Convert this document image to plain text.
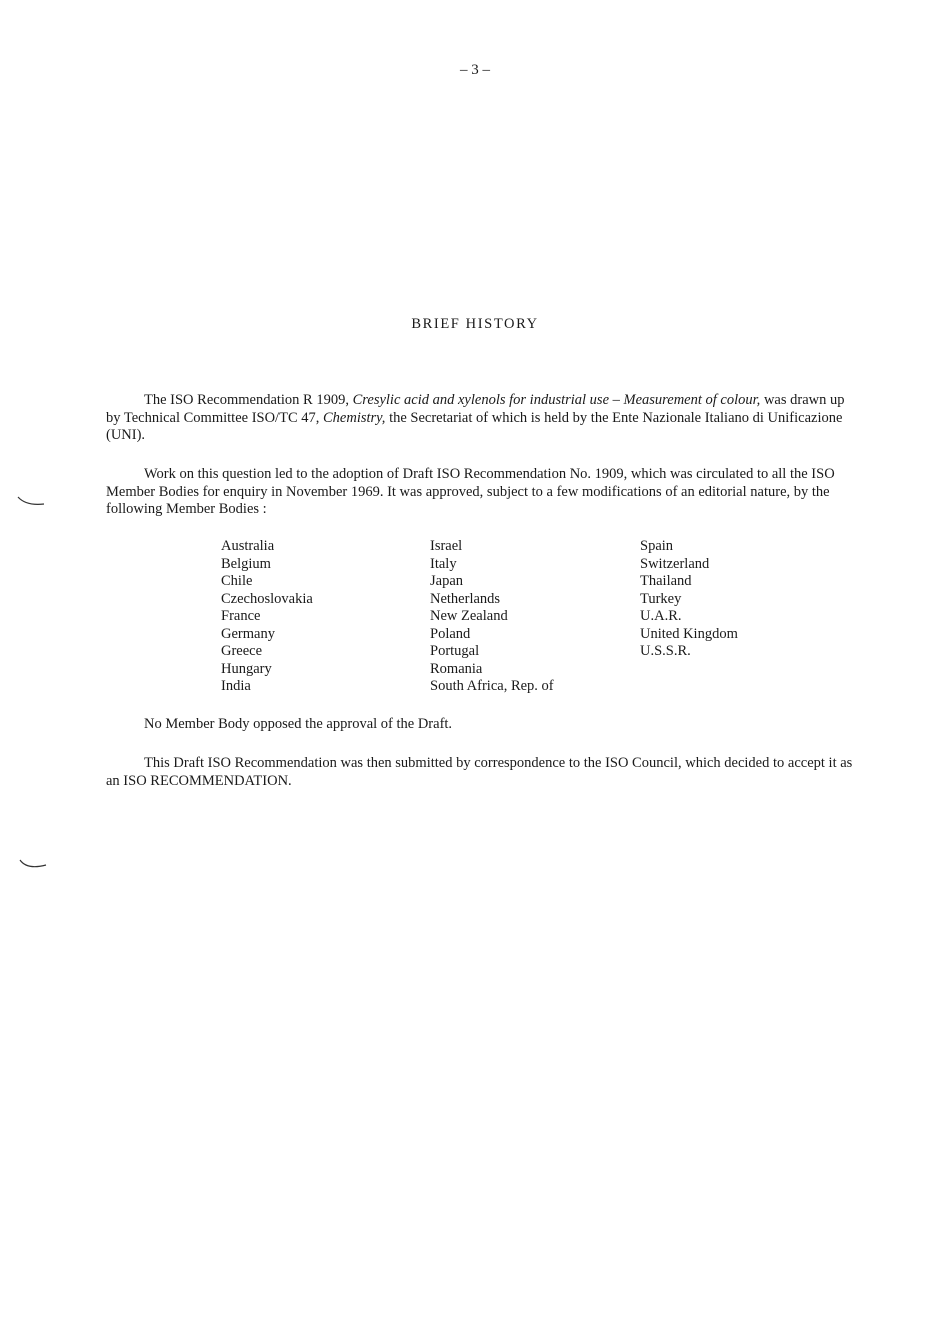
– 3 –
BRIEF HISTORY

The ISO Recommendation R 1909, Cresylic acid and xylenols for industrial use – Measurement of colour, was drawn up by Technical Committee ISO/TC 47, Chemistry, the Secretariat of which is held by the Ente Nazionale Italiano di Unificazione (UNI).

Work on this question led to the adoption of Draft ISO Recommendation No. 1909, which was circulated to all the ISO Member Bodies for enquiry in November 1969. It was approved, subject to a few modifications of an editorial nature, by the following Member Bodies :

Australia
Belgium
Chile
Czechoslovakia
France
Germany
Greece
Hungary
India
Israel
Italy
Japan
Netherlands
New Zealand
Poland
Portugal
Romania
South Africa, Rep. of
Spain
Switzerland
Thailand
Turkey
U.A.R.
United Kingdom
U.S.S.R.

No Member Body opposed the approval of the Draft.

This Draft ISO Recommendation was then submitted by correspondence to the ISO Council, which decided to accept it as an ISO RECOMMENDATION.
